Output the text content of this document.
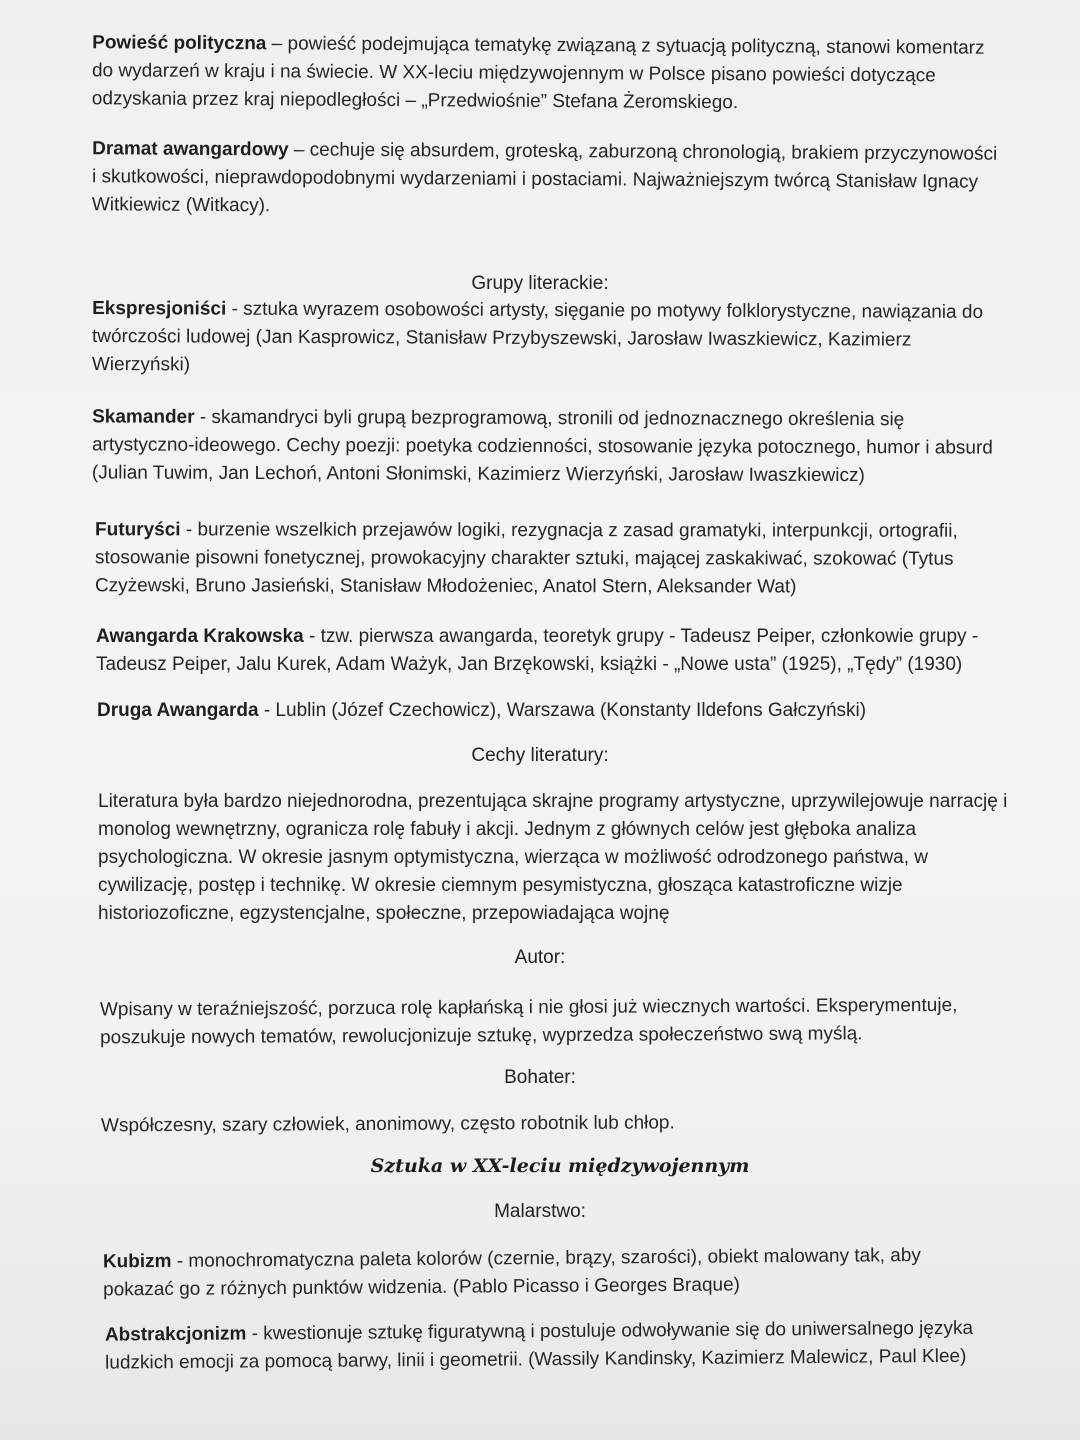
Powieść polityczna – powieść podejmująca tematykę związaną z sytuacją polityczną, stanowi komentarz do wydarzeń w kraju i na świecie. W XX-leciu międzywojennym w Polsce pisano powieści dotyczące odzyskania przez kraj niepodległości – „Przedwiośnie” Stefana Żeromskiego.

Dramat awangardowy – cechuje się absurdem, groteską, zaburzoną chronologią, brakiem przyczynowości i skutkowości, nieprawdopodobnymi wydarzeniami i postaciami. Najważniejszym twórcą Stanisław Ignacy Witkiewicz (Witkacy).

Grupy literackie:

Ekspresjoniści - sztuka wyrazem osobowości artysty, sięganie po motywy folklorystyczne, nawiązania do twórczości ludowej (Jan Kasprowicz, Stanisław Przybyszewski, Jarosław Iwaszkiewicz, Kazimierz Wierzyński)

Skamander - skamandryci byli grupą bezprogramową, stronili od jednoznacznego określenia się artystyczno-ideowego. Cechy poezji: poetyka codzienności, stosowanie języka potocznego, humor i absurd (Julian Tuwim, Jan Lechoń, Antoni Słonimski, Kazimierz Wierzyński, Jarosław Iwaszkiewicz)

Futuryści - burzenie wszelkich przejawów logiki, rezygnacja z zasad gramatyki, interpunkcji, ortografii, stosowanie pisowni fonetycznej, prowokacyjny charakter sztuki, mającej zaskakiwać, szokować (Tytus Czyżewski, Bruno Jasieński, Stanisław Młodożeniec, Anatol Stern, Aleksander Wat)

Awangarda Krakowska - tzw. pierwsza awangarda, teoretyk grupy - Tadeusz Peiper, członkowie grupy - Tadeusz Peiper, Jalu Kurek, Adam Ważyk, Jan Brzękowski, książki - „Nowe usta” (1925), „Tędy” (1930)

Druga Awangarda - Lublin (Józef Czechowicz), Warszawa (Konstanty Ildefons Gałczyński)

Cechy literatury:

Literatura była bardzo niejednorodna, prezentująca skrajne programy artystyczne, uprzywilejowuje narrację i monolog wewnętrzny, ogranicza rolę fabuły i akcji. Jednym z głównych celów jest głęboka analiza psychologiczna. W okresie jasnym optymistyczna, wierząca w możliwość odrodzonego państwa, w cywilizację, postęp i technikę. W okresie ciemnym pesymistyczna, głosząca katastroficzne wizje historiozoficzne, egzystencjalne, społeczne, przepowiadająca wojnę

Autor:

Wpisany w teraźniejszość, porzuca rolę kapłańską i nie głosi już wiecznych wartości. Eksperymentuje, poszukuje nowych tematów, rewolucjonizuje sztukę, wyprzedza społeczeństwo swą myślą.

Bohater:

Współczesny, szary człowiek, anonimowy, często robotnik lub chłop.

Sztuka w XX-leciu międzywojennym
Malarstwo:

Kubizm - monochromatyczna paleta kolorów (czernie, brązy, szarości), obiekt malowany tak, aby pokazać go z różnych punktów widzenia. (Pablo Picasso i Georges Braque)

Abstrakcjonizm - kwestionuje sztukę figuratywną i postuluje odwoływanie się do uniwersalnego języka ludzkich emocji za pomocą barwy, linii i geometrii. (Wassily Kandinsky, Kazimierz Malewicz, Paul Klee)
